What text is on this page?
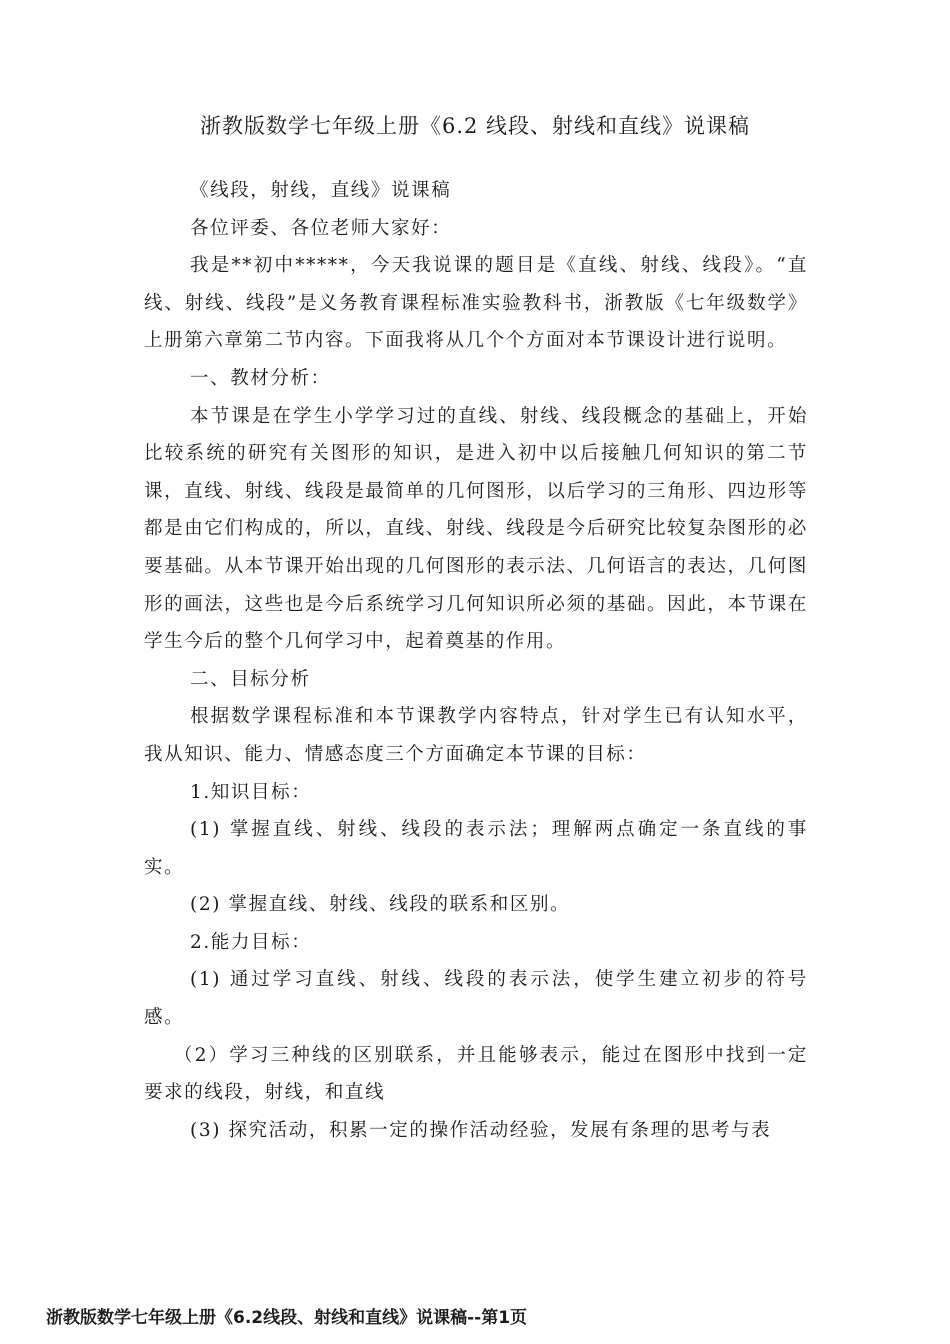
浙教版数学七年级上册《6.2 线段、射线和直线》说课稿

《线段，射线，直线》说课稿

各位评委、各位老师大家好：

我是**初中*****，今天我说课的题目是《直线、射线、线段》。“直线、射线、线段”是义务教育课程标准实验教科书，浙教版《七年级数学》上册第六章第二节内容。下面我将从几个个方面对本节课设计进行说明。

一、教材分析：

本节课是在学生小学学习过的直线、射线、线段概念的基础上，开始比较系统的研究有关图形的知识，是进入初中以后接触几何知识的第二节课，直线、射线、线段是最简单的几何图形，以后学习的三角形、四边形等都是由它们构成的，所以，直线、射线、线段是今后研究比较复杂图形的必要基础。从本节课开始出现的几何图形的表示法、几何语言的表达，几何图形的画法，这些也是今后系统学习几何知识所必须的基础。因此，本节课在学生今后的整个几何学习中，起着奠基的作用。

二、目标分析

根据数学课程标准和本节课教学内容特点，针对学生已有认知水平，我从知识、能力、情感态度三个方面确定本节课的目标：

1.知识目标：

(1) 掌握直线、射线、线段的表示法；理解两点确定一条直线的事实。

(2) 掌握直线、射线、线段的联系和区别。

2.能力目标：

(1) 通过学习直线、射线、线段的表示法，使学生建立初步的符号感。

（2）学习三种线的区别联系，并且能够表示，能过在图形中找到一定要求的线段，射线，和直线

(3) 探究活动，积累一定的操作活动经验，发展有条理的思考与表

浙教版数学七年级上册《6.2线段、射线和直线》说课稿--第1页
